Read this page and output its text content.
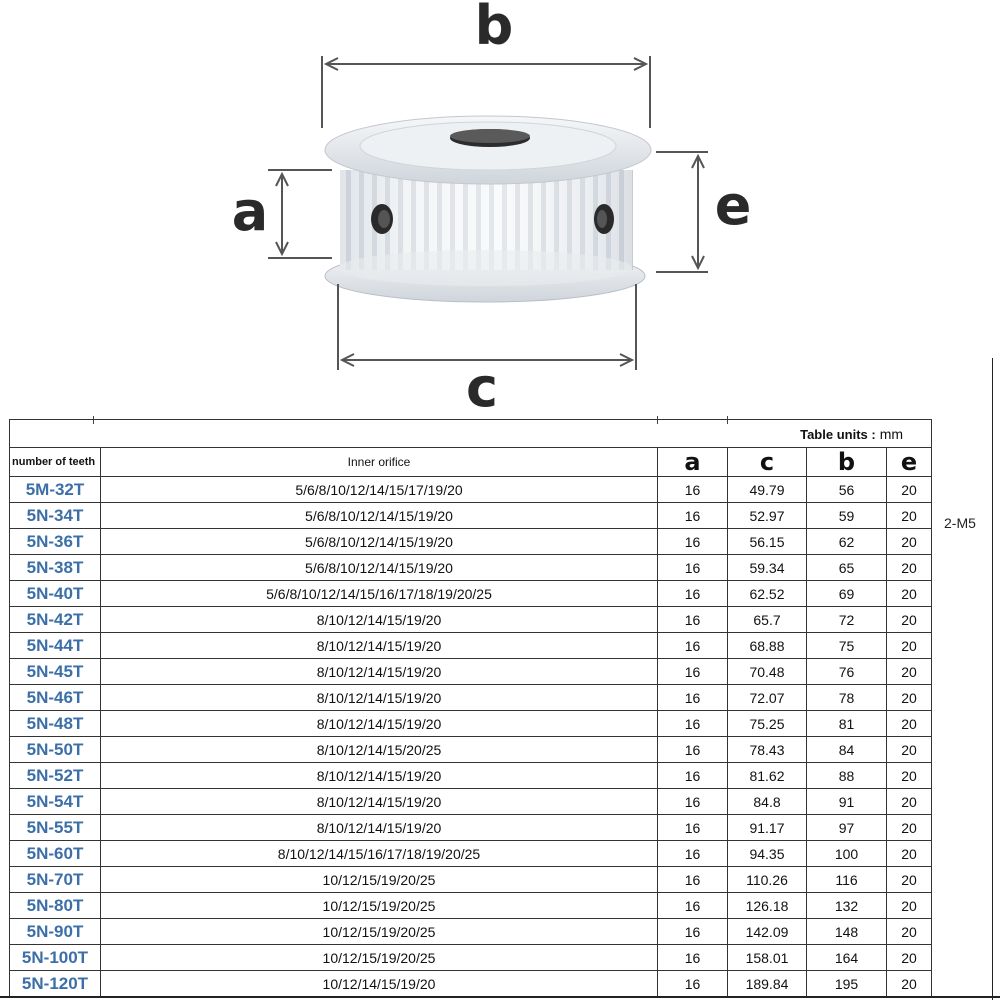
b
a	e
c
Table units : mm					
number of teeth	Inner orifice	a	c	b	e
5M-32T	5/6/8/10/12/14/15/17/19/20	16	49.79	56	20
5N-34T	5/6/8/10/12/14/15/19/20	16	52.97	59	20
5N-36T	5/6/8/10/12/14/15/19/20	16	56.15	62	20
5N-38T	5/6/8/10/12/14/15/19/20	16	59.34	65	20
5N-40T	5/6/8/10/12/14/15/16/17/18/19/20/25	16	62.52	69	20
5N-42T	8/10/12/14/15/19/20	16	65.7	72	20
5N-44T	8/10/12/14/15/19/20	16	68.88	75	20
5N-45T	8/10/12/14/15/19/20	16	70.48	76	20
5N-46T	8/10/12/14/15/19/20	16	72.07	78	20
5N-48T	8/10/12/14/15/19/20	16	75.25	81	20
5N-50T	8/10/12/14/15/20/25	16	78.43	84	20
5N-52T	8/10/12/14/15/19/20	16	81.62	88	20
5N-54T	8/10/12/14/15/19/20	16	84.8	91	20
5N-55T	8/10/12/14/15/19/20	16	91.17	97	20
5N-60T	8/10/12/14/15/16/17/18/19/20/25	16	94.35	100	20
5N-70T	10/12/15/19/20/25	16	110.26	116	20
5N-80T	10/12/15/19/20/25	16	126.18	132	20
5N-90T	10/12/15/19/20/25	16	142.09	148	20
5N-100T	10/12/15/19/20/25	16	158.01	164	20
5N-120T	10/12/14/15/19/20	16	189.84	195	20
2-M5
